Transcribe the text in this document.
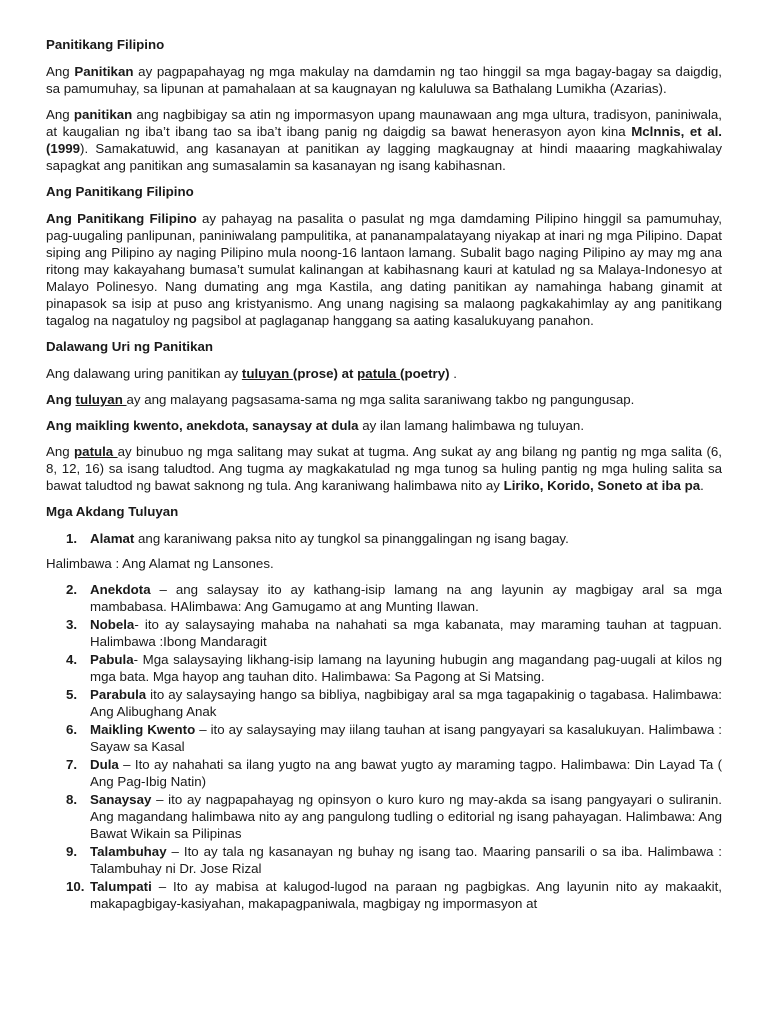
Panitikang Filipino

Ang Panitikan ay pagpapahayag ng mga makulay na damdamin ng tao hinggil sa mga bagay-bagay sa daigdig, sa pamumuhay, sa lipunan at pamahalaan at sa kaugnayan ng kaluluwa sa Bathalang Lumikha (Azarias).

Ang panitikan ang nagbibigay sa atin ng impormasyon upang maunawaan ang mga ultura, tradisyon, paniniwala, at kaugalian ng iba’t ibang tao sa iba’t ibang panig ng daigdig sa bawat henerasyon ayon kina Mclnnis, et al. (1999). Samakatuwid, ang kasanayan at panitikan ay lagging magkaugnay at hindi maaaring magkahiwalay sapagkat ang panitikan ang sumasalamin sa kasanayan ng isang kabihasnan.

Ang Panitikang Filipino

Ang Panitikang Filipino ay pahayag na pasalita o pasulat ng mga damdaming Pilipino hinggil sa pamumuhay, pag-uugaling panlipunan, paniniwalang pampulitika, at pananampalatayang niyakap at inari ng mga Pilipino. Dapat siping ang Pilipino ay naging Pilipino mula noong-16 lantaon lamang. Subalit bago naging Pilipino ay may mg ana ritong may kakayahang bumasa’t sumulat kalinangan at kabihasnang kauri at katulad ng sa Malaya-Indonesyo at Malayo Polinesyo. Nang dumating ang mga Kastila, ang dating panitikan ay namahinga habang ginamit at pinapasok sa isip at puso ang kristyanismo. Ang unang nagising sa malaong pagkakahimlay ay ang panitikang tagalog na nagatuloy ng pagsibol at paglaganap hanggang sa aating kasalukuyang panahon.

Dalawang Uri ng Panitikan

Ang dalawang uring panitikan ay tuluyan (prose) at patula (poetry) .

Ang tuluyan ay ang malayang pagsasama-sama ng mga salita saraniwang takbo ng pangungusap.

Ang maikling kwento, anekdota, sanaysay at dula ay ilan lamang halimbawa ng tuluyan.

Ang patula ay binubuo ng mga salitang may sukat at tugma. Ang sukat ay ang bilang ng pantig ng mga salita (6, 8, 12, 16) sa isang taludtod. Ang tugma ay magkakatulad ng mga tunog sa huling pantig ng mga huling salita sa bawat taludtod ng bawat saknong ng tula. Ang karaniwang halimbawa nito ay Liriko, Korido, Soneto at iba pa.

Mga Akdang Tuluyan
1. Alamat ang karaniwang paksa nito ay tungkol sa pinanggalingan ng isang bagay.
Halimbawa : Ang Alamat ng Lansones.
2. Anekdota – ang salaysay ito ay kathang-isip lamang na ang layunin ay magbigay aral sa mga mambabasa. HAlimbawa: Ang Gamugamo at ang Munting Ilawan.
3. Nobela- ito ay salaysaying mahaba na nahahati sa mga kabanata, may maraming tauhan at tagpuan. Halimbawa :Ibong Mandaragit
4. Pabula- Mga salaysaying likhang-isip lamang na layuning hubugin ang magandang pag-uugali at kilos ng mga bata. Mga hayop ang tauhan dito. Halimbawa: Sa Pagong at Si Matsing.
5. Parabula ito ay salaysaying hango sa bibliya, nagbibigay aral sa mga tagapakinig o tagabasa. Halimbawa: Ang Alibughang Anak
6. Maikling Kwento – ito ay salaysaying may iilang tauhan at isang pangyayari sa kasalukuyan. Halimbawa : Sayaw sa Kasal
7. Dula – Ito ay nahahati sa ilang yugto na ang bawat yugto ay maraming tagpo. Halimbawa: Din Layad Ta ( Ang Pag-Ibig Natin)
8. Sanaysay – ito ay nagpapahayag ng opinsyon o kuro kuro ng may-akda sa isang pangyayari o suliranin. Ang magandang halimbawa nito ay ang pangulong tudling o editorial ng isang pahayagan. Halimbawa: Ang Bawat Wikain sa Pilipinas
9. Talambuhay – Ito ay tala ng kasanayan ng buhay ng isang tao. Maaring pansarili o sa iba. Halimbawa : Talambuhay ni Dr. Jose Rizal
10. Talumpati – Ito ay mabisa at kalugod-lugod na paraan ng pagbigkas. Ang layunin nito ay makaakit, makapagbigay-kasiyahan, makapagpaniwala, magbigay ng impormasyon at
